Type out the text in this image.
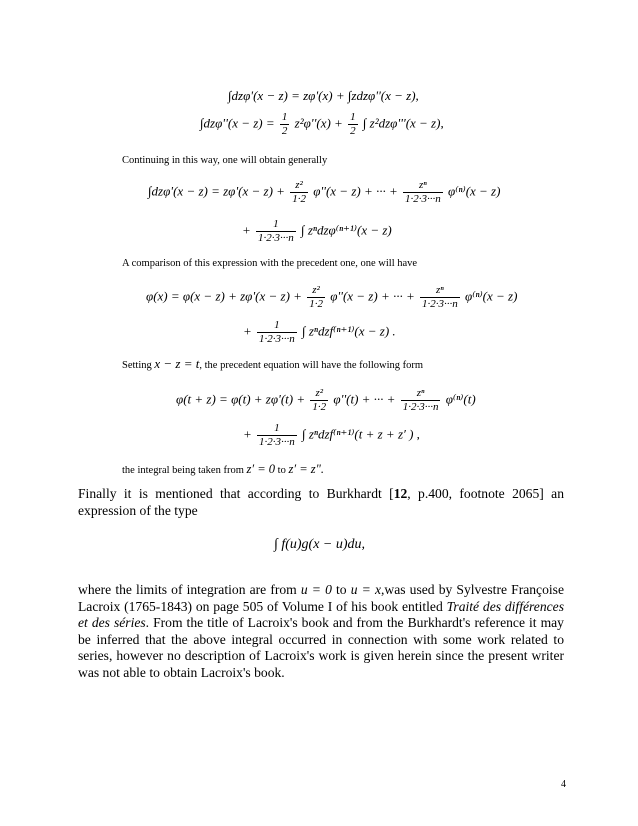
∫dzφ'(x − z) = zφ'(x) + ∫zdzφ''(x − z),
$\int dz\varphi''(x - z) = \frac{1}{2} z^2\varphi''(x) + \frac{1}{2}$ ∫ z²dzφ'''(x − z),
Continuing in this way, one will obtain generally
$\int dz\varphi'(x - z) = z\varphi'(x - z) + \frac{\text{z²}}{1\cdot 2} \varphi''(x - z)$ + ··· + $\frac{\text{zⁿ}}{1\cdot 2\cdot 3\cdot\cdot\cdot n} \varphi^{(n)}(x - z)$
+ $\frac{1}{1\cdot 2\cdot 3\cdot\cdot\cdot n}$ ∫ zⁿdzφ⁽ⁿ⁺¹⁾(x − z)
A comparison of this expression with the precedent one, one will have
$\varphi(x) = \varphi(x - z) + z\varphi'(x - z) + \frac{\text{z²}}{1\cdot 2} \varphi''(x - z)$ + ··· + $\frac{\text{zⁿ}}{1\cdot 2\cdot 3\cdot\cdot\cdot n} \varphi^{(n)}(x - z)$
+ $\frac{1}{1\cdot 2\cdot 3\cdot\cdot\cdot n}$ ∫ zⁿdzf⁽ⁿ⁺¹⁾(x − z) .
Setting x − z = t, the precedent equation will have the following form
$\varphi(t + z) = \varphi(t) + z\varphi'(t) + \frac{\text{z²}}{1\cdot 2} \varphi''(t)$ + ··· + $\frac{\text{zⁿ}}{1\cdot 2\cdot 3\cdot\cdot\cdot n} \varphi^{(n)}(t)$
+ $\frac{1}{1\cdot 2\cdot 3\cdot\cdot\cdot n}$ ∫ zⁿdzf⁽ⁿ⁺¹⁾(t + z + z′ ) ,
the integral being taken from z′ = 0 to z′ = z".
Finally it is mentioned that according to Burkhardt [12, p.400, footnote 2065] an expression of the type
∫ f(u)g(x − u)du,
where the limits of integration are from u = 0 to u = x,was used by Sylvestre Françoise Lacroix (1765-1843) on page 505 of Volume I of his book entitled Traité des différences et des séries. From the title of Lacroix's book and from the Burkhardt's reference it may be inferred that the above integral occurred in connection with some work related to series, however no description of Lacroix's work is given herein since the present writer was not able to obtain Lacroix's book.
4
